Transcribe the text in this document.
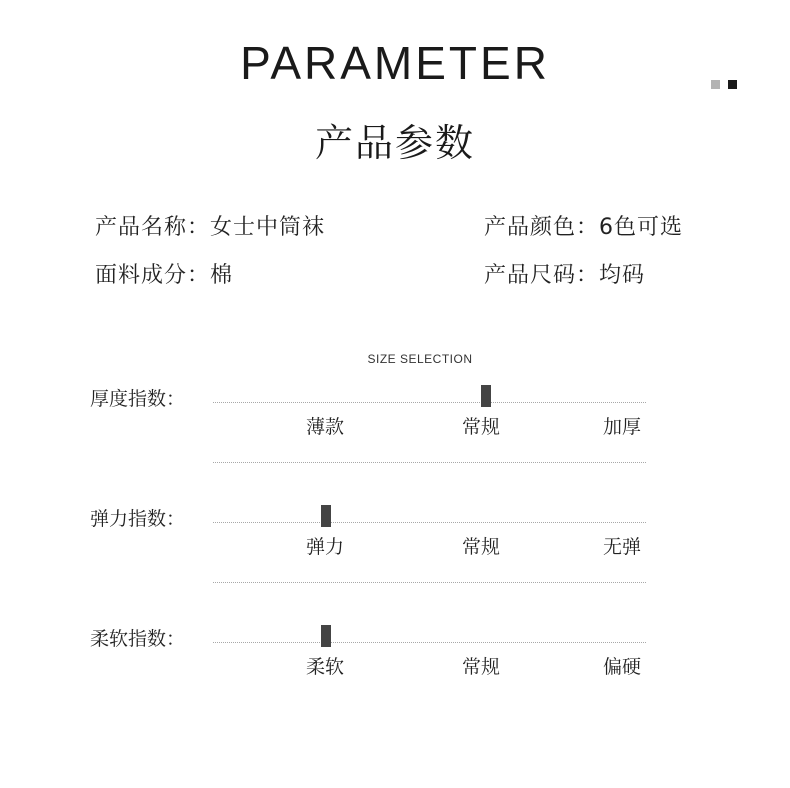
PARAMETER
产品参数
产品名称：女士中筒袜	产品颜色：6色可选
面料成分：棉	产品尺码：均码
SIZE SELECTION
厚度指数：
薄款	常规	加厚
弹力指数：
弹力	常规	无弹
柔软指数：
柔软	常规	偏硬
